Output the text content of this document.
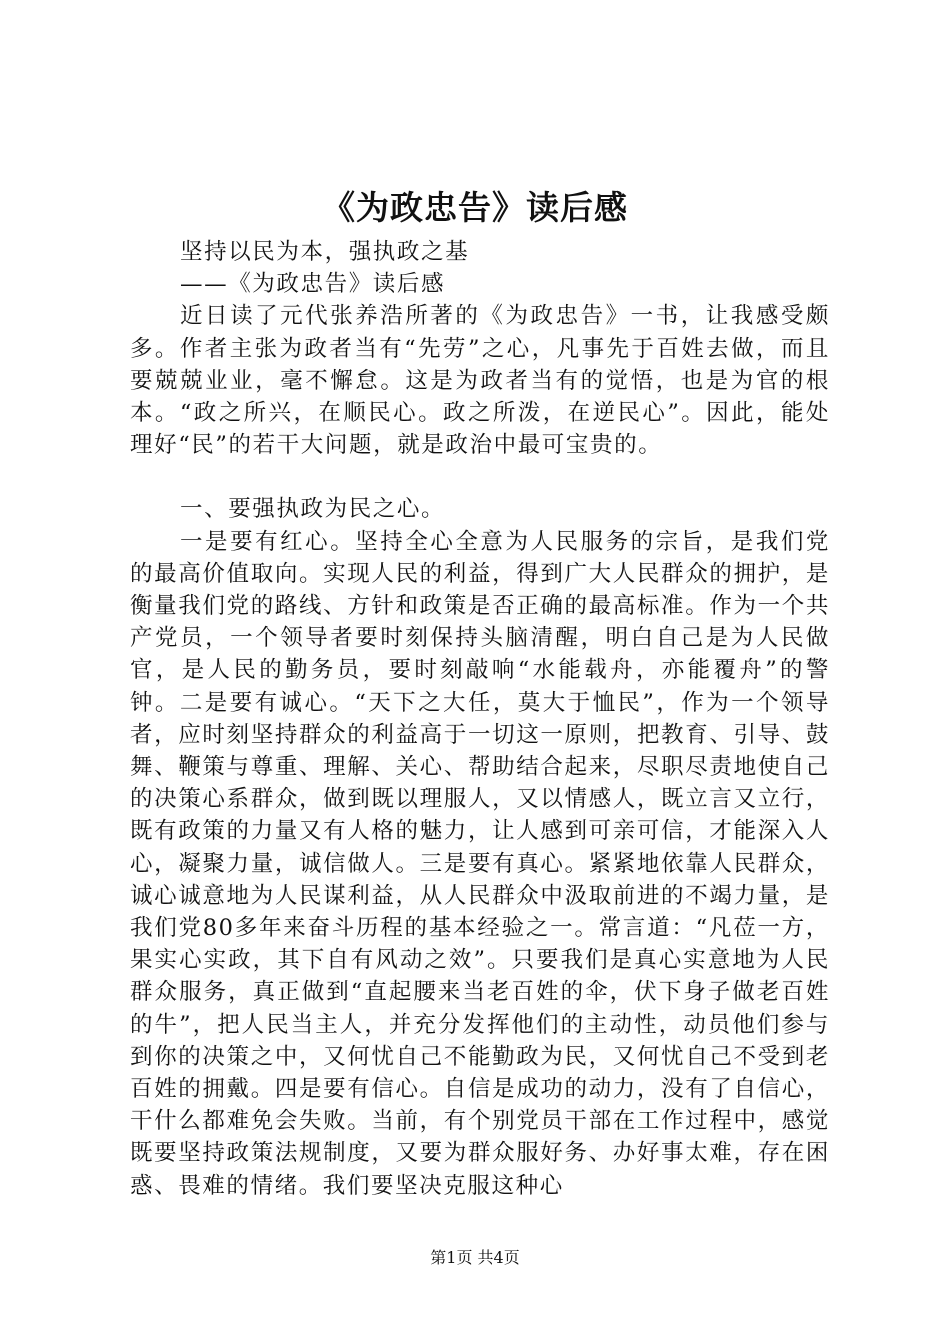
《为政忠告》读后感

坚持以民为本，强执政之基

——《为政忠告》读后感

近日读了元代张养浩所著的《为政忠告》一书，让我感受颇多。作者主张为政者当有“先劳”之心，凡事先于百姓去做，而且要兢兢业业，毫不懈怠。这是为政者当有的觉悟，也是为官的根本。“政之所兴，在顺民心。政之所泼，在逆民心”。因此，能处理好“民”的若干大问题，就是政治中最可宝贵的。

一、要强执政为民之心。

一是要有红心。坚持全心全意为人民服务的宗旨，是我们党的最高价值取向。实现人民的利益，得到广大人民群众的拥护，是衡量我们党的路线、方针和政策是否正确的最高标准。作为一个共产党员，一个领导者要时刻保持头脑清醒，明白自己是为人民做官，是人民的勤务员，要时刻敲响“水能载舟，亦能覆舟”的警钟。二是要有诚心。“天下之大任，莫大于恤民”，作为一个领导者，应时刻坚持群众的利益高于一切这一原则，把教育、引导、鼓舞、鞭策与尊重、理解、关心、帮助结合起来，尽职尽责地使自己的决策心系群众，做到既以理服人，又以情感人，既立言又立行，既有政策的力量又有人格的魅力，让人感到可亲可信，才能深入人心，凝聚力量，诚信做人。三是要有真心。紧紧地依靠人民群众，诚心诚意地为人民谋利益，从人民群众中汲取前进的不竭力量，是我们党80多年来奋斗历程的基本经验之一。常言道：“凡莅一方，果实心实政，其下自有风动之效”。只要我们是真心实意地为人民群众服务，真正做到“直起腰来当老百姓的伞，伏下身子做老百姓的牛”，把人民当主人，并充分发挥他们的主动性，动员他们参与到你的决策之中，又何忧自己不能勤政为民，又何忧自己不受到老百姓的拥戴。四是要有信心。自信是成功的动力，没有了自信心，干什么都难免会失败。当前，有个别党员干部在工作过程中，感觉既要坚持政策法规制度，又要为群众服好务、办好事太难，存在困惑、畏难的情绪。我们要坚决克服这种心

第1页 共4页
